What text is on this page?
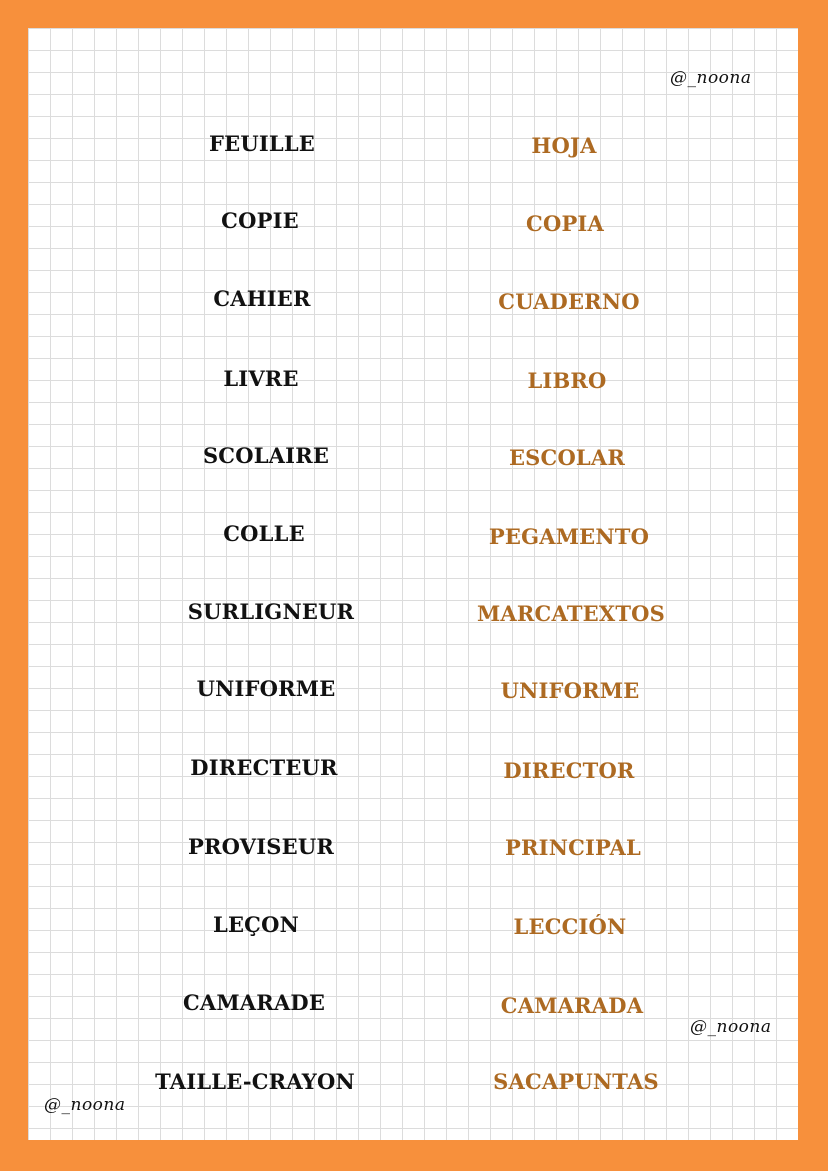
@_noona
@_noona
@_noona
FEUILLE	HOJA
COPIE	COPIA
CAHIER	CUADERNO
LIVRE	LIBRO
SCOLAIRE	ESCOLAR
COLLE	PEGAMENTO
SURLIGNEUR	MARCATEXTOS
UNIFORME	UNIFORME
DIRECTEUR	DIRECTOR
PROVISEUR	PRINCIPAL
LEÇON	LECCIÓN
CAMARADE	CAMARADA
TAILLE-CRAYON	SACAPUNTAS
